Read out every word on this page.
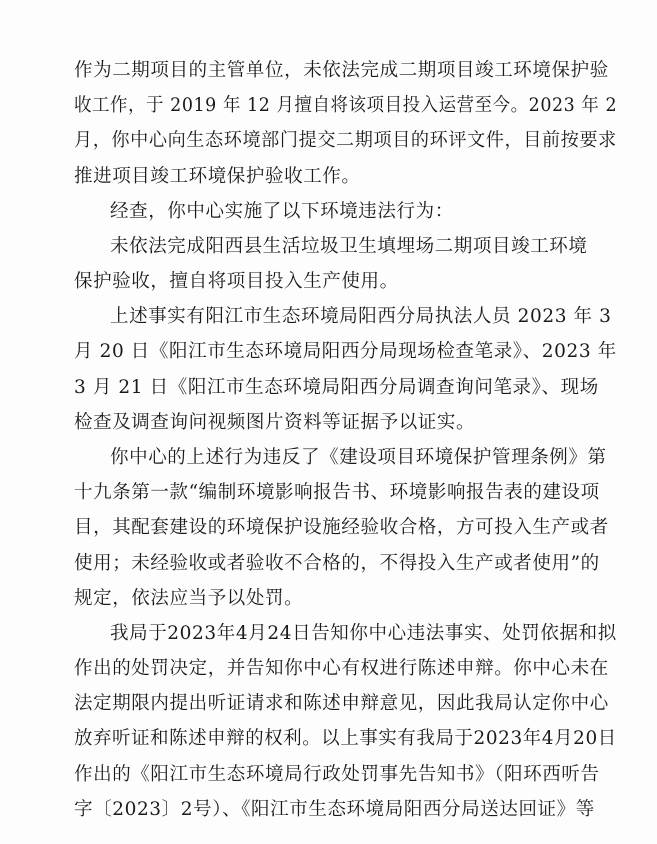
作为二期项目的主管单位，未依法完成二期项目竣工环境保护验
收工作，于 2019 年 12 月擅自将该项目投入运营至今。2023 年 2
月，你中心向生态环境部门提交二期项目的环评文件，目前按要求
推进项目竣工环境保护验收工作。
经查，你中心实施了以下环境违法行为：
未依法完成阳西县生活垃圾卫生填埋场二期项目竣工环境
保护验收，擅自将项目投入生产使用。
上述事实有阳江市生态环境局阳西分局执法人员 2023 年 3
月 20 日《阳江市生态环境局阳西分局现场检查笔录》、2023 年
3 月 21 日《阳江市生态环境局阳西分局调查询问笔录》、现场
检查及调查询问视频图片资料等证据予以证实。
你中心的上述行为违反了《建设项目环境保护管理条例》第
十九条第一款“编制环境影响报告书、环境影响报告表的建设项
目，其配套建设的环境保护设施经验收合格，方可投入生产或者
使用；未经验收或者验收不合格的，不得投入生产或者使用”的
规定，依法应当予以处罚。
我局于2023年4月24日告知你中心违法事实、处罚依据和拟
作出的处罚决定，并告知你中心有权进行陈述申辩。你中心未在
法定期限内提出听证请求和陈述申辩意见，因此我局认定你中心
放弃听证和陈述申辩的权利。以上事实有我局于2023年4月20日
作出的《阳江市生态环境局行政处罚事先告知书》（阳环西听告
字〔2023〕2号）、《阳江市生态环境局阳西分局送达回证》等
